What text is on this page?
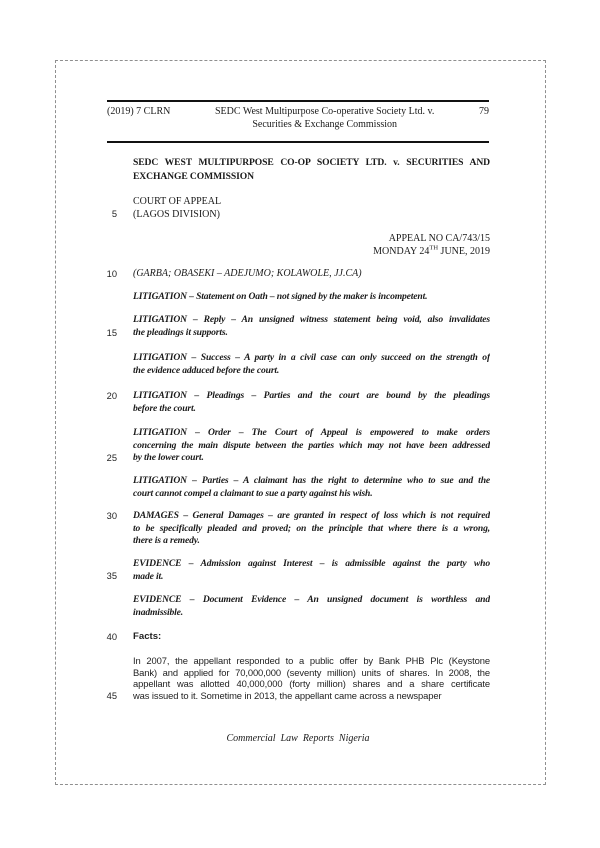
(2019) 7 CLRN	SEDC West Multipurpose Co-operative Society Ltd. v.
Securities & Exchange Commission
79
SEDC WEST MULTIPURPOSE CO-OP SOCIETY LTD. v. SECURITIES AND
EXCHANGE COMMISSION
COURT OF APPEAL
(LAGOS DIVISION)
APPEAL NO CA/743/15
MONDAY 24TH JUNE, 2019
(GARBA; OBASEKI – ADEJUMO; KOLAWOLE, JJ.CA)
LITIGATION – Statement on Oath – not signed by the maker is incompetent.
LITIGATION – Reply – An unsigned witness statement being void, also invalidates
the pleadings it supports.
LITIGATION – Success – A party in a civil case can only succeed on the strength of
the evidence adduced before the court.
LITIGATION – Pleadings – Parties and the court are bound by the pleadings
before the court.
LITIGATION – Order – The Court of Appeal is empowered to make orders
concerning the main dispute between the parties which may not have been addressed
by the lower court.
LITIGATION – Parties – A claimant has the right to determine who to sue and the
court cannot compel a claimant to sue a party against his wish.
DAMAGES – General Damages – are granted in respect of loss which is not required
to be specifically pleaded and proved; on the principle that where there is a wrong,
there is a remedy.
EVIDENCE – Admission against Interest – is admissible against the party who
made it.
EVIDENCE – Document Evidence – An unsigned document is worthless and
inadmissible.
Facts:
In 2007, the appellant responded to a public offer by Bank PHB Plc (Keystone
Bank) and applied for 70,000,000 (seventy million) units of shares. In 2008, the
appellant was allotted 40,000,000 (forty million) shares and a share certificate
was issued to it. Sometime in 2013, the appellant came across a newspaper
Commercial Law Reports Nigeria
5
10
15
20
25
30
35
40
45
